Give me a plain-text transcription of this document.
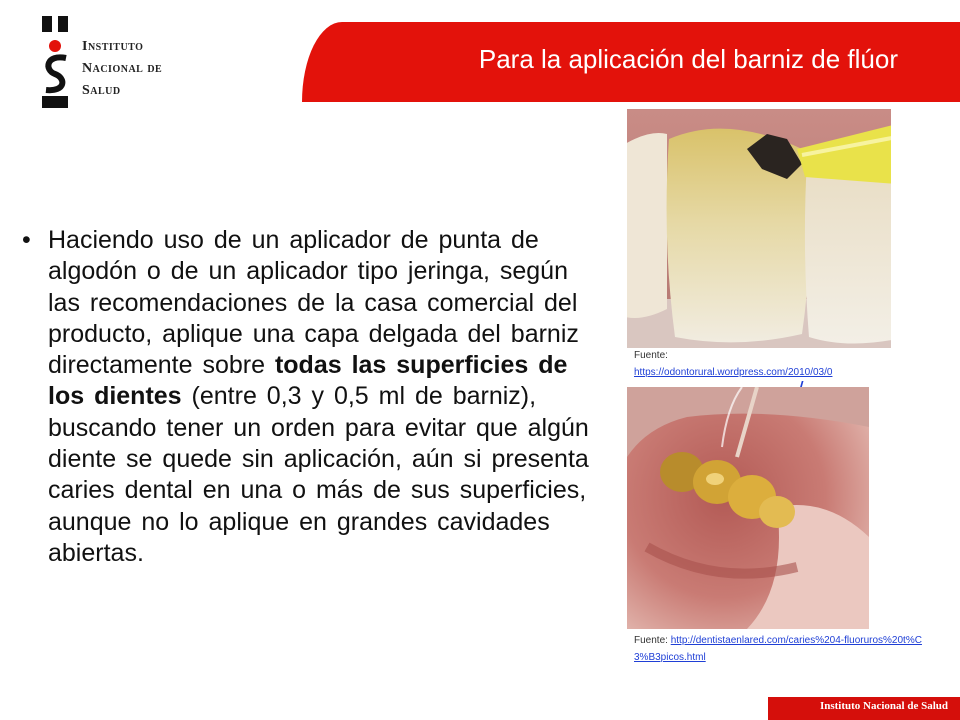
Instituto
Nacional de
Salud
Para la aplicación del barniz de flúor
• Haciendo uso de un aplicador de punta de algodón o de un aplicador tipo jeringa, según las recomendaciones de la casa comercial del producto, aplique una capa delgada del barniz directamente sobre todas las superficies de los dientes (entre 0,3 y 0,5 ml de barniz), buscando tener un orden para evitar que algún diente se quede sin aplicación, aún si presenta caries dental en una o más de sus superficies, aunque no lo aplique en grandes cavidades abiertas.
Fuente:
https://odontorural.wordpress.com/2010/03/0
Fuente: http://dentistaenlared.com/caries%204-fluoruros%20t%C3%B3picos.html
Instituto Nacional de Salud
